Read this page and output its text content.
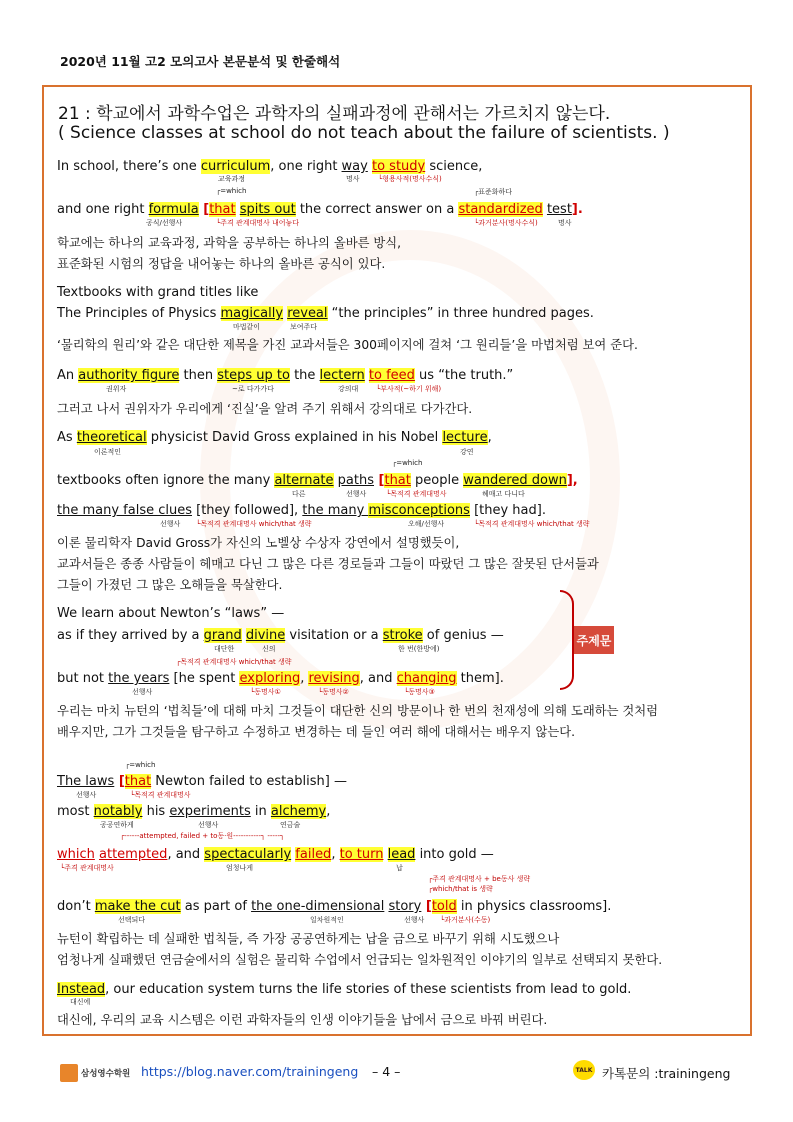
2020년 11월 고2 모의고사 본문분석 및 한줄해석
21 : 학교에서 과학수업은 과학자의 실패과정에 관해서는 가르치지 않는다.
( Science classes at school do not teach about the failure of scientists. )
In school, there’s one curriculum, one right way to study science,
교육과정	명사	└형용사적(명사수식)
┌=which	┌표준화하다
and one right formula [that spits out the correct answer on a standardized test].
공식/선행사	└주격 관계대명사 내어놓다	└과거분사(명사수식)	명사
학교에는 하나의 교육과정, 과학을 공부하는 하나의 올바른 방식,
표준화된 시험의 정답을 내어놓는 하나의 올바른 공식이 있다.
Textbooks with grand titles like
The Principles of Physics magically reveal “the principles” in three hundred pages.
마법같이	보여주다
‘물리학의 원리’와 같은 대단한 제목을 가진 교과서들은 300페이지에 걸쳐 ‘그 원리들’을 마법처럼 보여 준다.
An authority figure then steps up to the lectern to feed us “the truth.”
권위자	~로 다가가다	강의대	└부사적(~하기 위해)
그러고 나서 권위자가 우리에게 ‘진실’을 알려 주기 위해서 강의대로 다가간다.
As theoretical physicist David Gross explained in his Nobel lecture,
이론적인	강연
┌=which
textbooks often ignore the many alternate paths [that people wandered down],
다른	선행사	└목적격 관계대명사	헤매고 다니다
the many false clues [they followed], the many misconceptions [they had].
선행사 └목적격 관계대명사 which/that 생략	오해/선행사	└목적격 관계대명사 which/that 생략
이론 물리학자 David Gross가 자신의 노벨상 수상자 강연에서 설명했듯이,
교과서들은 종종 사람들이 헤매고 다닌 그 많은 다른 경로들과 그들이 따랐던 그 많은 잘못된 단서들과
그들이 가졌던 그 많은 오해들을 묵살한다.
We learn about Newton’s “laws” —
as if they arrived by a grand divine visitation or a stroke of genius —
대단한	신의	한 번(한방에)
┌목적격 관계대명사 which/that 생략
but not the years [he spent exploring, revising, and changing them].
선행사	└동명사①	└동명사②	└동명사③
주제문
우리는 마치 뉴턴의 ‘법칙들’에 대해 마치 그것들이 대단한 신의 방문이나 한 번의 천재성에 의해 도래하는 것처럼
배우지만, 그가 그것들을 탐구하고 수정하고 변경하는 데 들인 여러 해에 대해서는 배우지 않는다.
┌=which
The laws [that Newton failed to establish] —
선행사	└목적격 관계대명사
most notably his experiments in alchemy,
공공연하게	선행사	연금술
┌------attempted, failed + to동·원-----------┐ -----┐
which attempted, and spectacularly failed, to turn lead into gold —
└주격 관계대명사	엄청나게	납
┌주격 관계대명사 + be동사 생략
┌which/that is 생략
don’t make the cut as part of the one-dimensional story [told in physics classrooms].
선택되다	일차원적인	선행사 └과거분사(수동)
뉴턴이 확립하는 데 실패한 법칙들, 즉 가장 공공연하게는 납을 금으로 바꾸기 위해 시도했으나
엄청나게 실패했던 연금술에서의 실험은 물리학 수업에서 언급되는 일차원적인 이야기의 일부로 선택되지 못한다.
Instead, our education system turns the life stories of these scientists from lead to gold.
대신에
대신에, 우리의 교육 시스템은 이런 과학자들의 인생 이야기들을 납에서 금으로 바꿔 버린다.
삼성영수학원 https://blog.naver.com/trainingeng – 4 –	TALK 카톡문의 :trainingeng
